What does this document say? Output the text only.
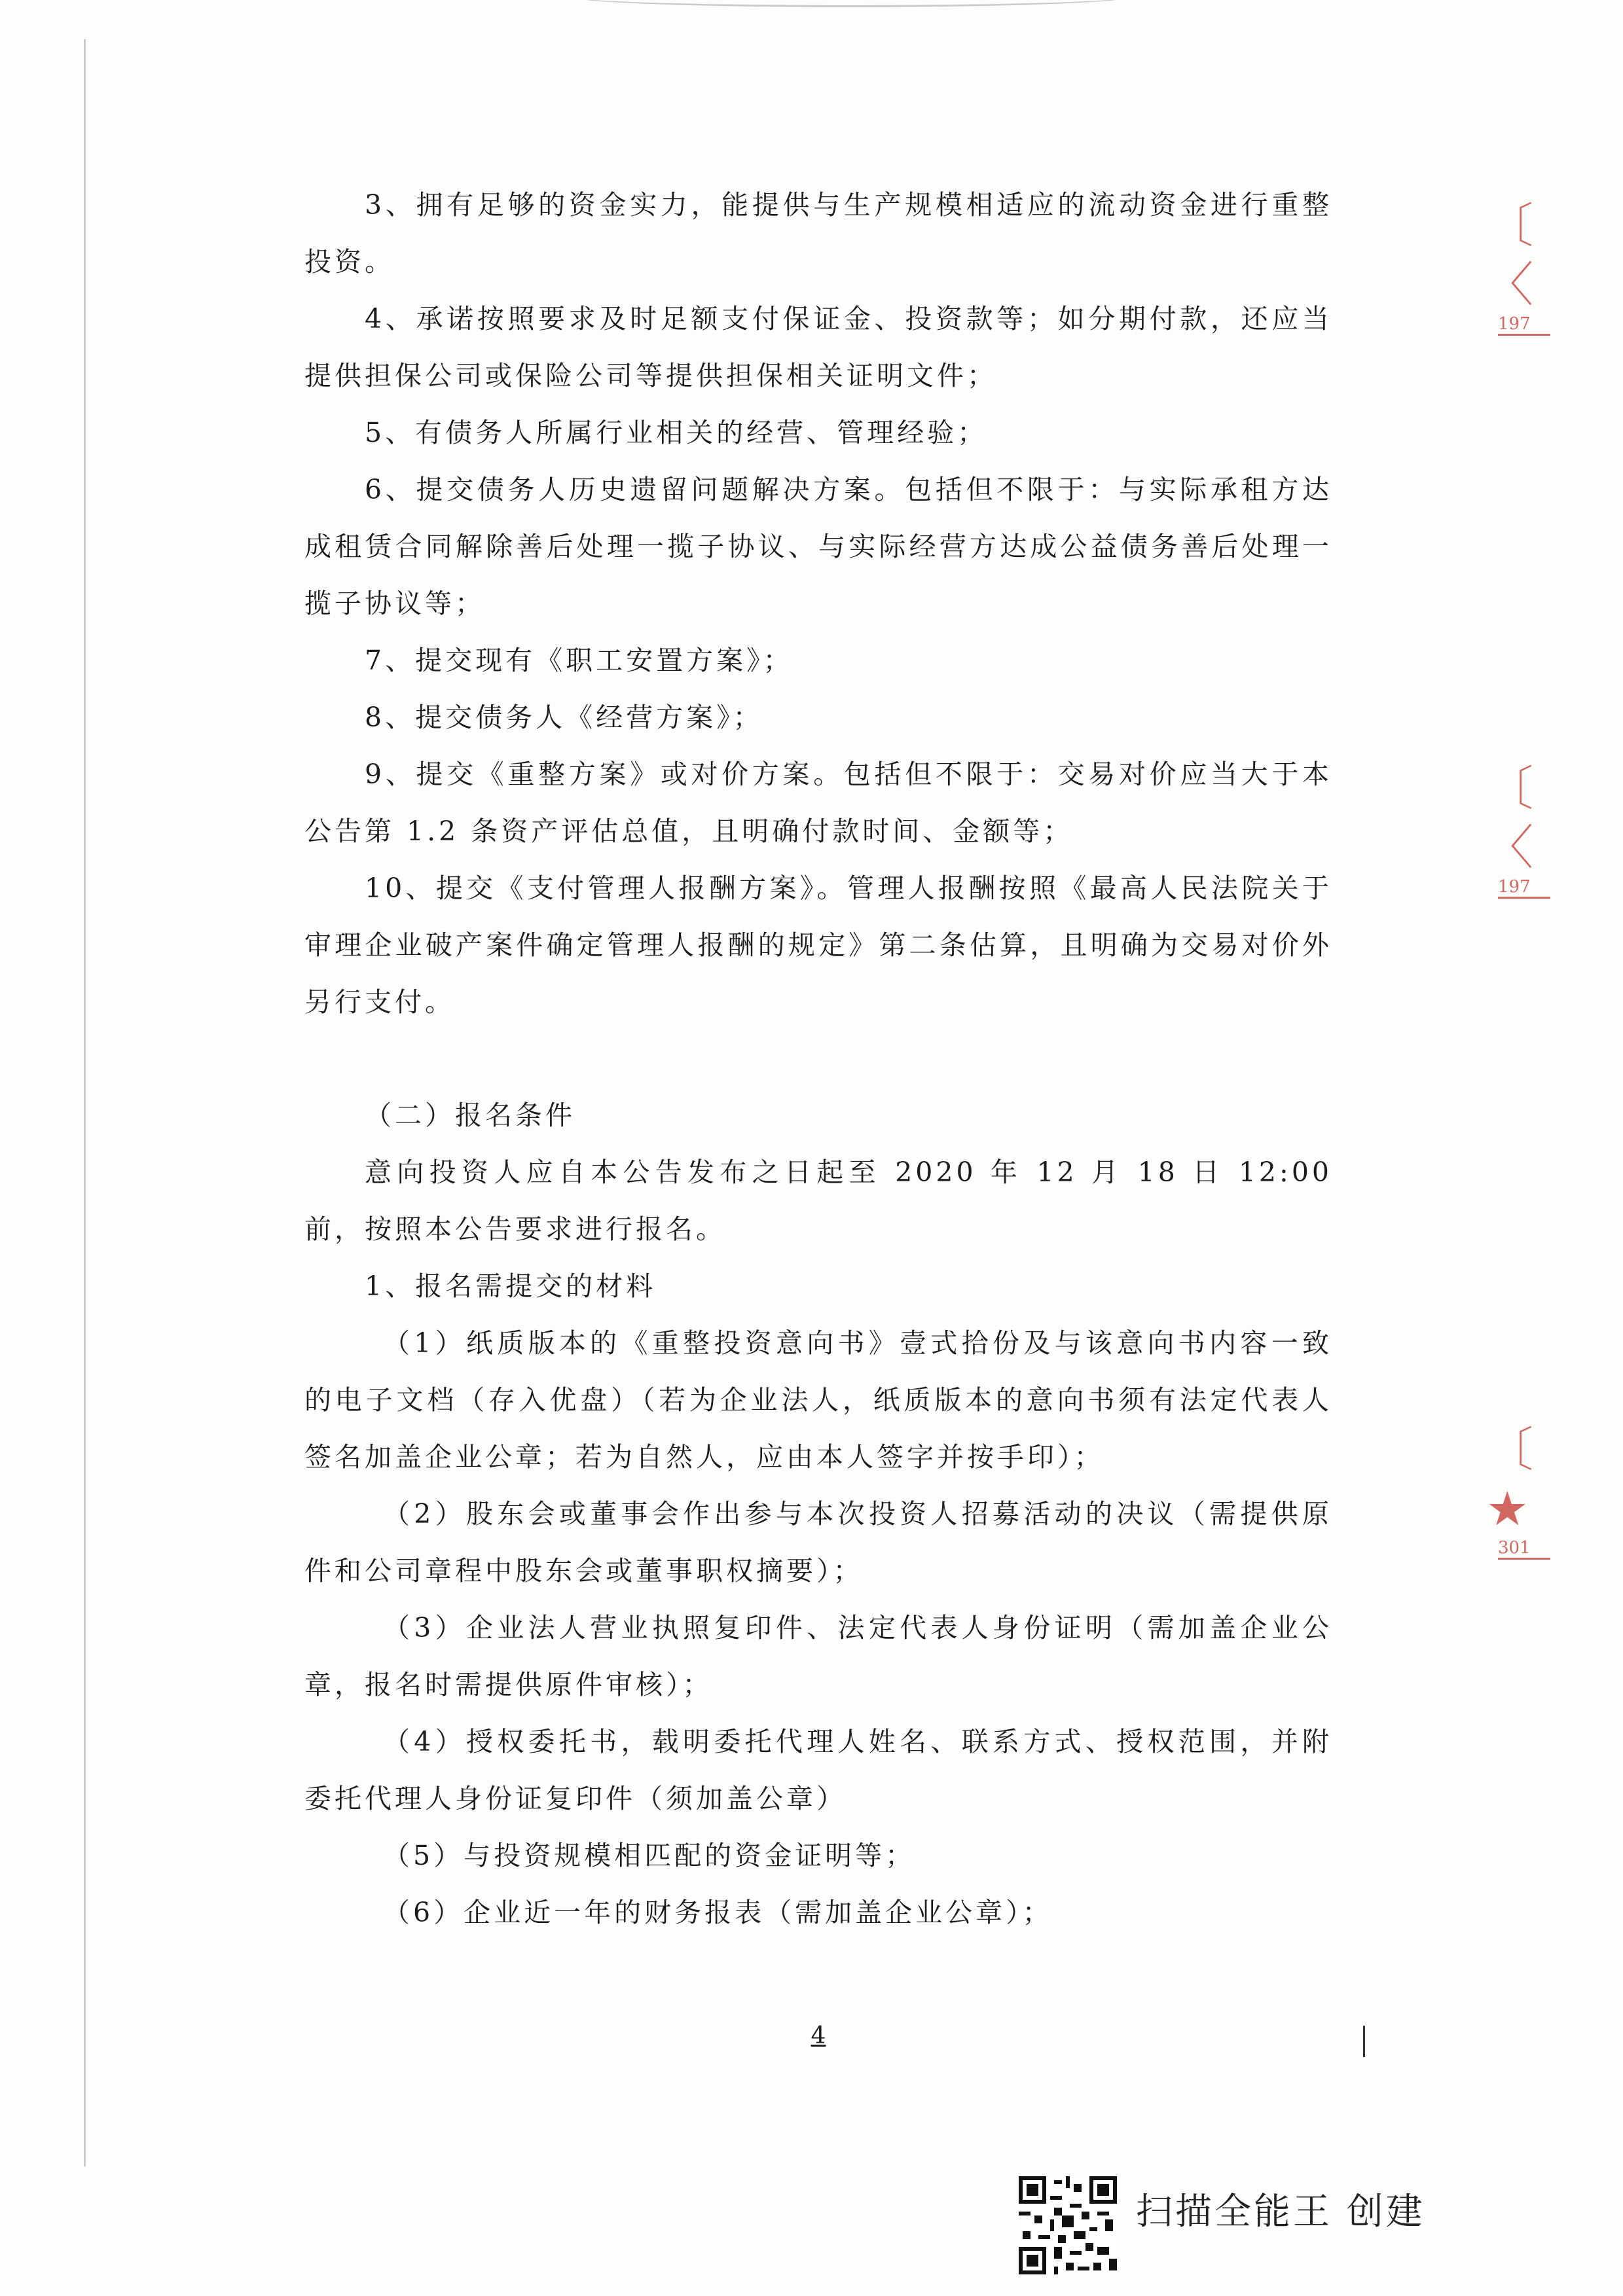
3、拥有足够的资金实力，能提供与生产规模相适应的流动资金进行重整投资。

4、承诺按照要求及时足额支付保证金、投资款等；如分期付款，还应当提供担保公司或保险公司等提供担保相关证明文件；

5、有债务人所属行业相关的经营、管理经验；

6、提交债务人历史遗留问题解决方案。包括但不限于：与实际承租方达成租赁合同解除善后处理一揽子协议、与实际经营方达成公益债务善后处理一揽子协议等；

7、提交现有《职工安置方案》；

8、提交债务人《经营方案》；

9、提交《重整方案》或对价方案。包括但不限于：交易对价应当大于本公告第 1.2 条资产评估总值，且明确付款时间、金额等；

10、提交《支付管理人报酬方案》。管理人报酬按照《最高人民法院关于审理企业破产案件确定管理人报酬的规定》第二条估算，且明确为交易对价外另行支付。

（二）报名条件

意向投资人应自本公告发布之日起至 2020 年 12 月 18 日 12:00 前，按照本公告要求进行报名。

1、报名需提交的材料

（1）纸质版本的《重整投资意向书》壹式拾份及与该意向书内容一致的电子文档（存入优盘）（若为企业法人，纸质版本的意向书须有法定代表人签名加盖企业公章；若为自然人，应由本人签字并按手印）；

（2）股东会或董事会作出参与本次投资人招募活动的决议（需提供原件和公司章程中股东会或董事职权摘要）；

（3）企业法人营业执照复印件、法定代表人身份证明（需加盖企业公章，报名时需提供原件审核）；

（4）授权委托书，载明委托代理人姓名、联系方式、授权范围，并附委托代理人身份证复印件（须加盖公章）

（5）与投资规模相匹配的资金证明等；

（6）企业近一年的财务报表（需加盖企业公章）；

4
〔
〈
197
〔
〈
197
〔
★
301
扫描全能王 创建
